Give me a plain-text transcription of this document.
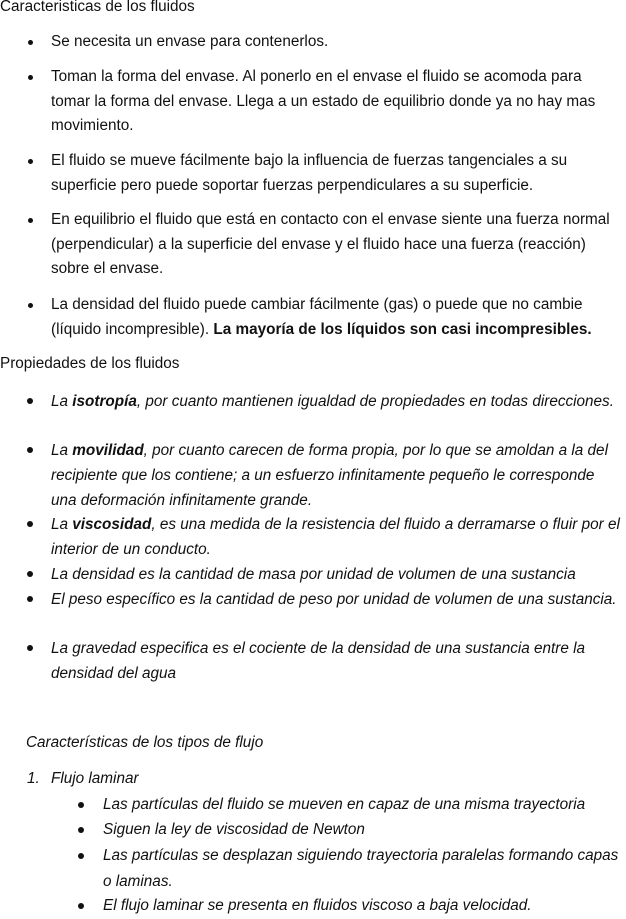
Caracteristicas de los fluidos
Se necesita un envase para contenerlos.
Toman la forma del envase. Al ponerlo en el envase el fluido se acomoda para tomar la forma del envase. Llega a un estado de equilibrio donde ya no hay mas movimiento.
El fluido se mueve fácilmente bajo la influencia de fuerzas tangenciales a su superficie pero puede soportar fuerzas perpendiculares a su superficie.
En equilibrio el fluido que está en contacto con el envase siente una fuerza normal (perpendicular) a la superficie del envase y el fluido hace una fuerza (reacción) sobre el envase.
La densidad del fluido puede cambiar fácilmente (gas) o puede que no cambie (líquido incompresible). La mayoría de los líquidos son casi incompresibles.
Propiedades de los fluidos
La isotropía, por cuanto mantienen igualdad de propiedades en todas direcciones.
La movilidad, por cuanto carecen de forma propia, por lo que se amoldan a la del recipiente que los contiene; a un esfuerzo infinitamente pequeño le corresponde una deformación infinitamente grande.
La viscosidad, es una medida de la resistencia del fluido a derramarse o fluir por el interior de un conducto.
La densidad es la cantidad de masa por unidad de volumen de una sustancia
El peso específico es la cantidad de peso por unidad de volumen de una sustancia.
La gravedad especifica es el cociente de la densidad de una sustancia entre la densidad del agua
Características de los tipos de flujo
1. Flujo laminar
Las partículas del fluido se mueven en capaz de una misma trayectoria
Siguen la ley de viscosidad de Newton
Las partículas se desplazan siguiendo trayectoria paralelas formando capas o laminas.
El flujo laminar se presenta en fluidos viscoso a baja velocidad.
